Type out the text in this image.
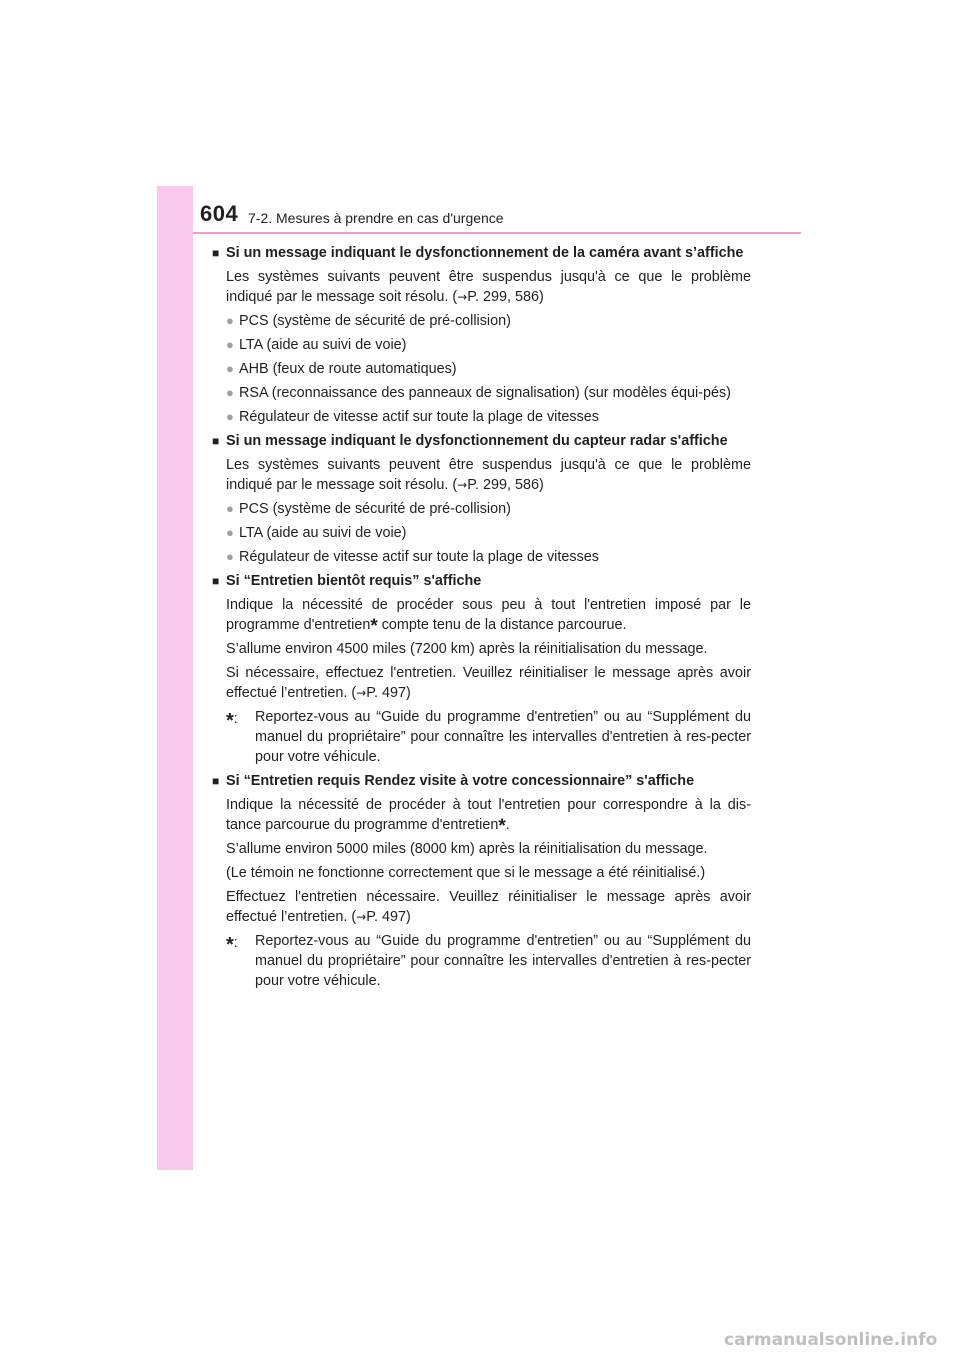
604 7-2. Mesures à prendre en cas d'urgence
■ Si un message indiquant le dysfonctionnement de la caméra avant s’affiche
Les systèmes suivants peuvent être suspendus jusqu'à ce que le problème indiqué par le message soit résolu. (→P. 299, 586)
● PCS (système de sécurité de pré-collision)
● LTA (aide au suivi de voie)
● AHB (feux de route automatiques)
● RSA (reconnaissance des panneaux de signalisation) (sur modèles équi-pés)
● Régulateur de vitesse actif sur toute la plage de vitesses
■ Si un message indiquant le dysfonctionnement du capteur radar s'affiche
Les systèmes suivants peuvent être suspendus jusqu'à ce que le problème indiqué par le message soit résolu. (→P. 299, 586)
● PCS (système de sécurité de pré-collision)
● LTA (aide au suivi de voie)
● Régulateur de vitesse actif sur toute la plage de vitesses
■ Si “Entretien bientôt requis” s'affiche
Indique la nécessité de procéder sous peu à tout l'entretien imposé par le programme d'entretien* compte tenu de la distance parcourue.
S’allume environ 4500 miles (7200 km) après la réinitialisation du message.
Si nécessaire, effectuez l'entretien. Veuillez réinitialiser le message après avoir effectué l’entretien. (→P. 497)
*:	Reportez-vous au “Guide du programme d'entretien” ou au “Supplément du manuel du propriétaire” pour connaître les intervalles d'entretien à res-pecter pour votre véhicule.
■ Si “Entretien requis Rendez visite à votre concessionnaire” s'affiche
Indique la nécessité de procéder à tout l'entretien pour correspondre à la dis-tance parcourue du programme d'entretien*.
S’allume environ 5000 miles (8000 km) après la réinitialisation du message.
(Le témoin ne fonctionne correctement que si le message a été réinitialisé.)
Effectuez l'entretien nécessaire. Veuillez réinitialiser le message après avoir effectué l’entretien. (→P. 497)
*:	Reportez-vous au “Guide du programme d'entretien” ou au “Supplément du manuel du propriétaire” pour connaître les intervalles d'entretien à res-pecter pour votre véhicule.
carmanualsonline.info
